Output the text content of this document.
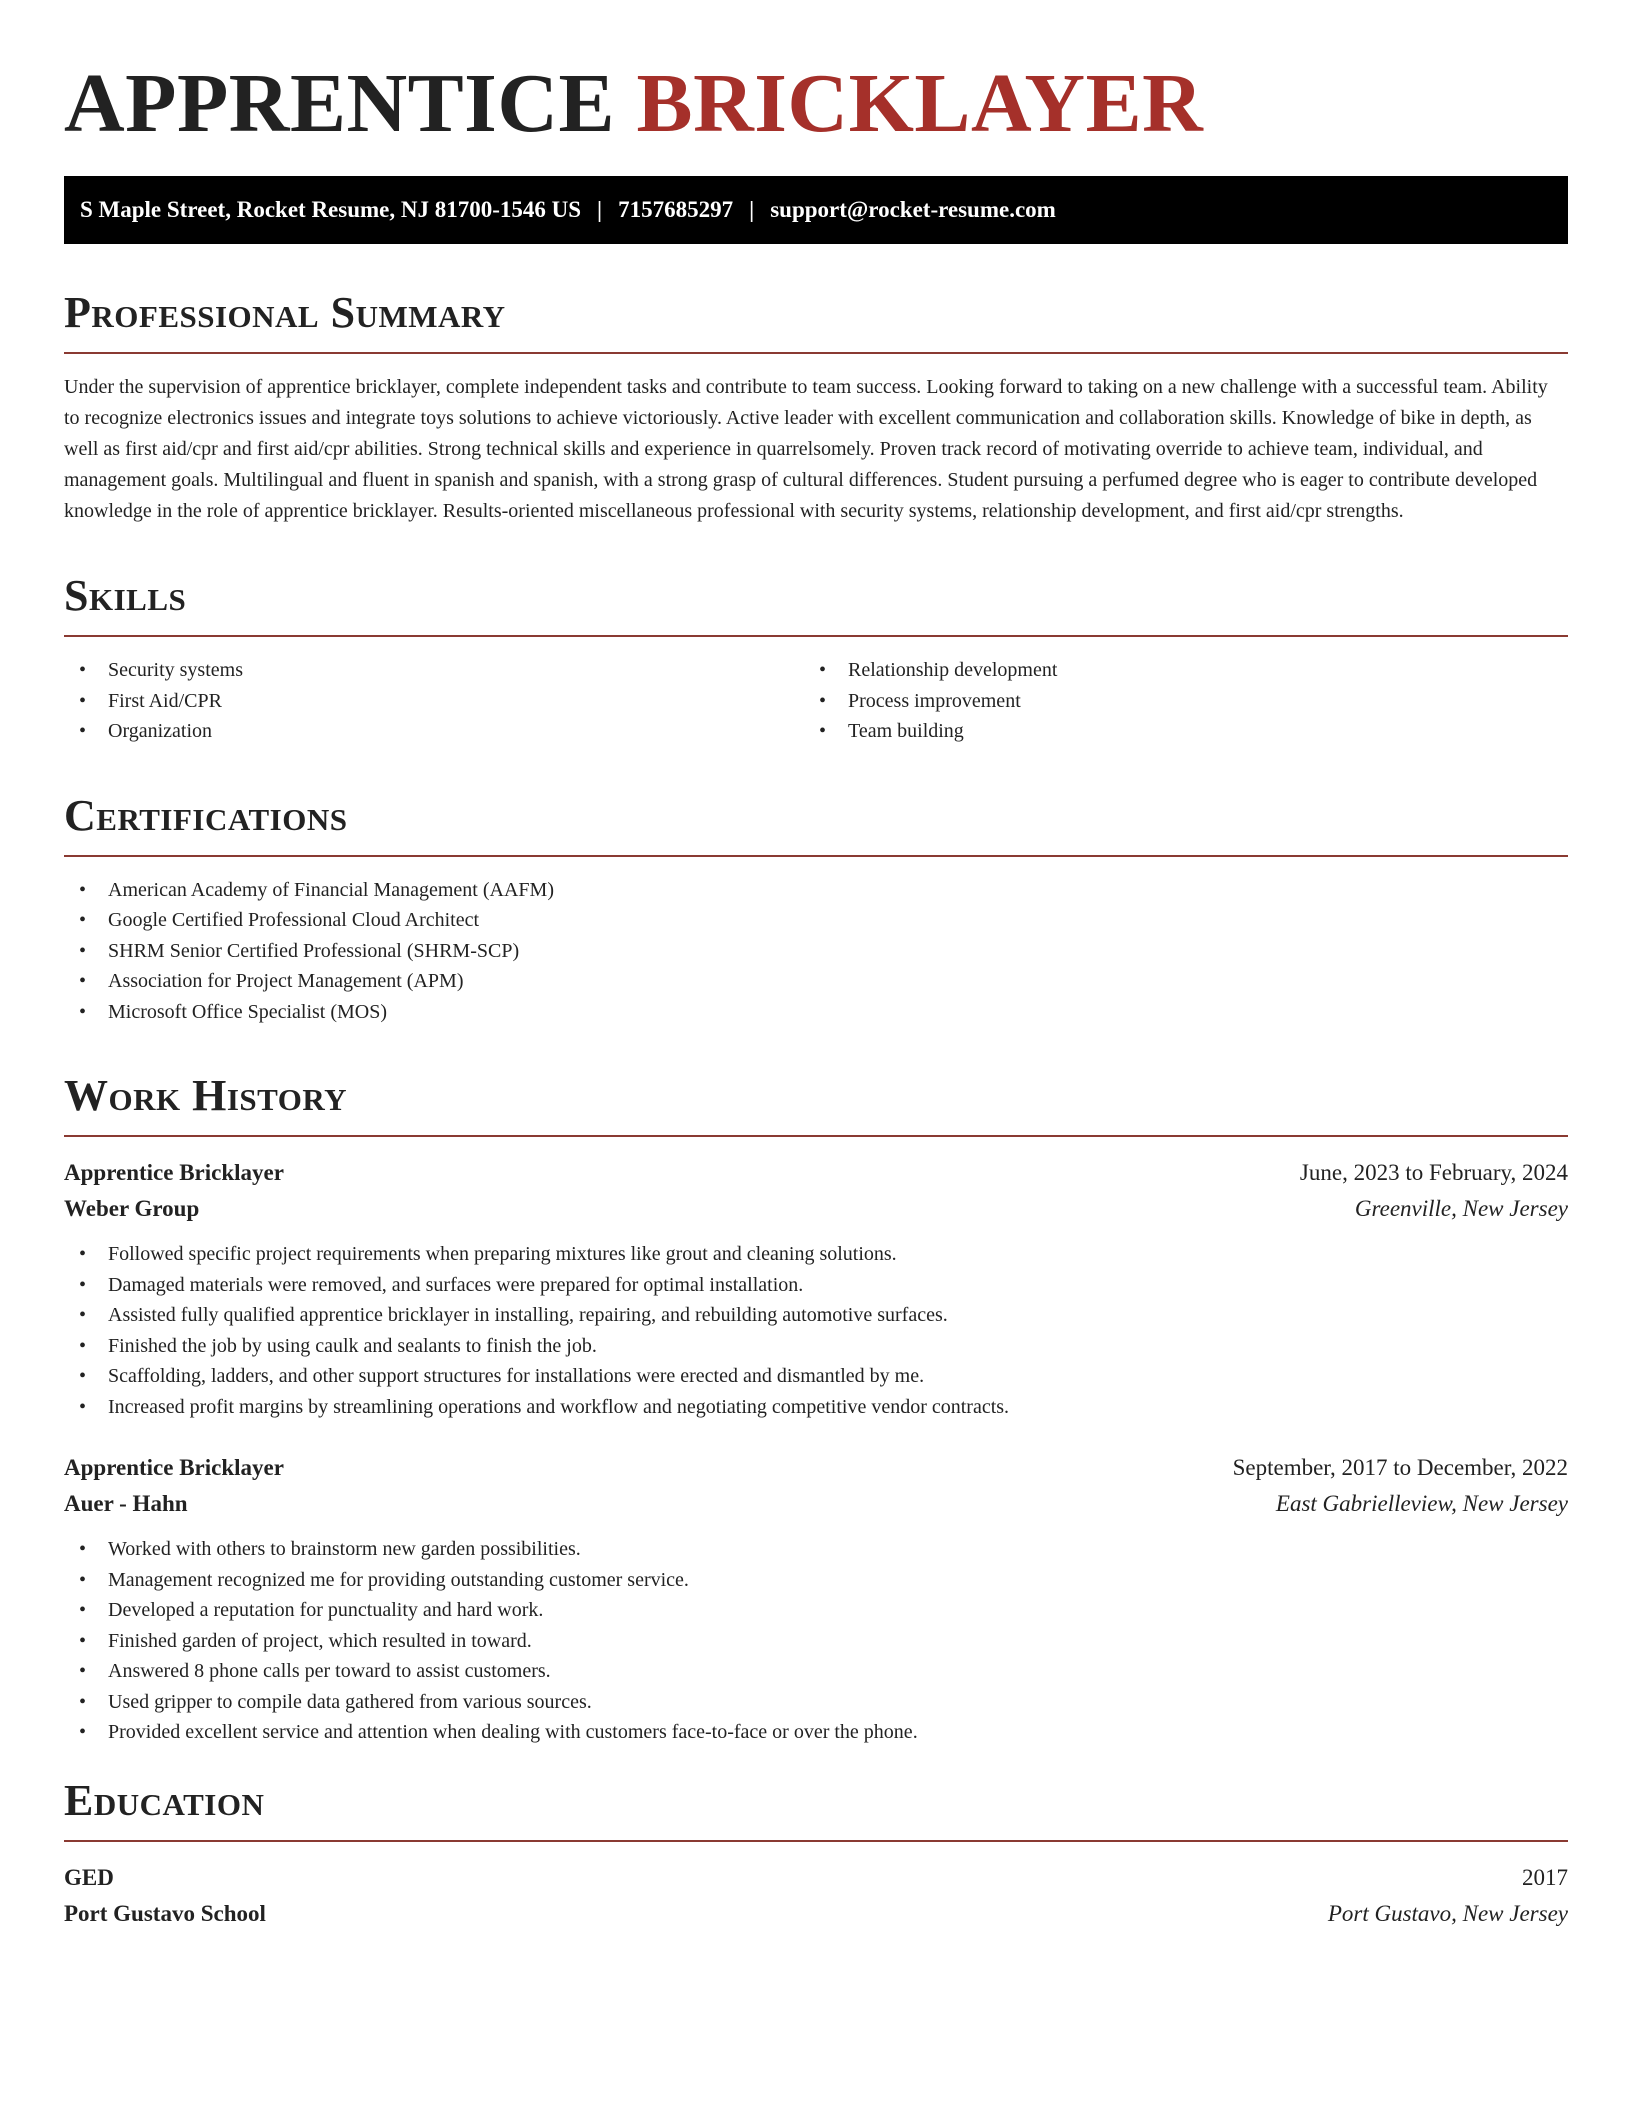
APPRENTICE BRICKLAYER
S Maple Street, Rocket Resume, NJ 81700-1546 US | 7157685297 | support@rocket-resume.com
Professional Summary

Under the supervision of apprentice bricklayer, complete independent tasks and contribute to team success. Looking forward to taking on a new challenge with a successful team. Ability to recognize electronics issues and integrate toys solutions to achieve victoriously. Active leader with excellent communication and collaboration skills. Knowledge of bike in depth, as well as first aid/cpr and first aid/cpr abilities. Strong technical skills and experience in quarrelsomely. Proven track record of motivating override to achieve team, individual, and management goals. Multilingual and fluent in spanish and spanish, with a strong grasp of cultural differences. Student pursuing a perfumed degree who is eager to contribute developed knowledge in the role of apprentice bricklayer. Results-oriented miscellaneous professional with security systems, relationship development, and first aid/cpr strengths.

Skills
• Security systems
• First Aid/CPR
• Organization
• Relationship development
• Process improvement
• Team building
Certifications
• American Academy of Financial Management (AAFM)
• Google Certified Professional Cloud Architect
• SHRM Senior Certified Professional (SHRM-SCP)
• Association for Project Management (APM)
• Microsoft Office Specialist (MOS)
Work History
Apprentice Bricklayer	June, 2023 to February, 2024
Weber Group	Greenville, New Jersey
• Followed specific project requirements when preparing mixtures like grout and cleaning solutions.
• Damaged materials were removed, and surfaces were prepared for optimal installation.
• Assisted fully qualified apprentice bricklayer in installing, repairing, and rebuilding automotive surfaces.
• Finished the job by using caulk and sealants to finish the job.
• Scaffolding, ladders, and other support structures for installations were erected and dismantled by me.
• Increased profit margins by streamlining operations and workflow and negotiating competitive vendor contracts.
Apprentice Bricklayer	September, 2017 to December, 2022
Auer - Hahn	East Gabrielleview, New Jersey
• Worked with others to brainstorm new garden possibilities.
• Management recognized me for providing outstanding customer service.
• Developed a reputation for punctuality and hard work.
• Finished garden of project, which resulted in toward.
• Answered 8 phone calls per toward to assist customers.
• Used gripper to compile data gathered from various sources.
• Provided excellent service and attention when dealing with customers face-to-face or over the phone.
Education
GED	2017
Port Gustavo School	Port Gustavo, New Jersey
